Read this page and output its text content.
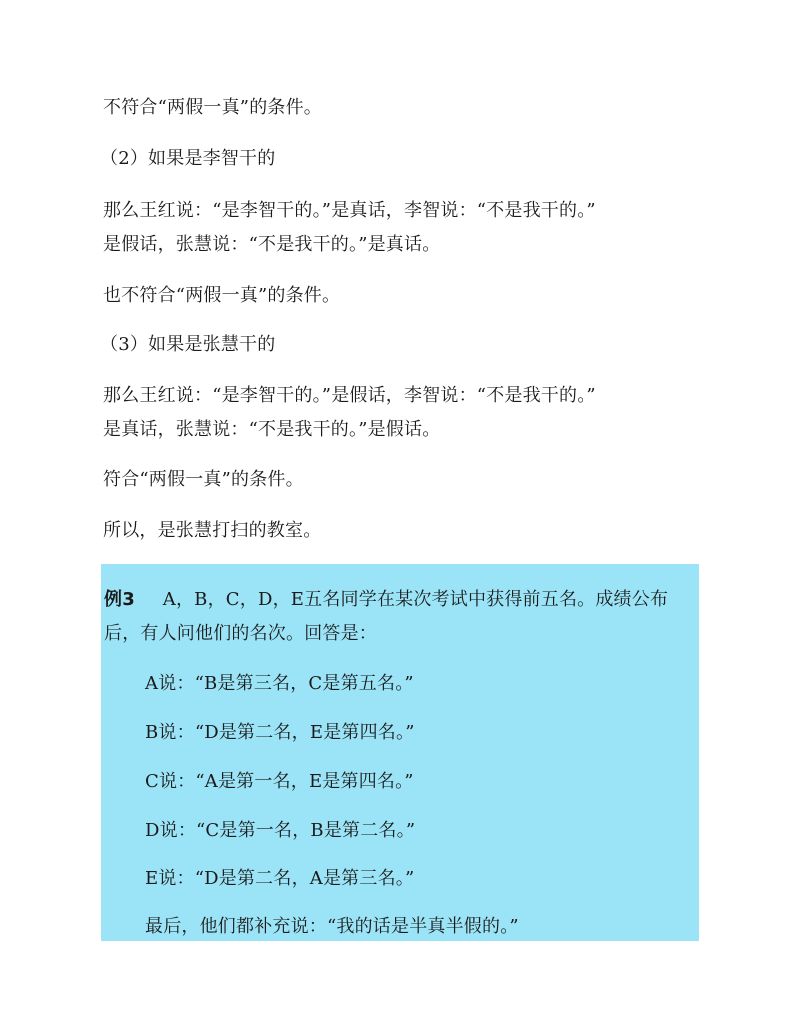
不符合“两假一真”的条件。
（2）如果是李智干的
那么王红说：“是李智干的。”是真话，李智说：“不是我干的。”
是假话，张慧说：“不是我干的。”是真话。
也不符合“两假一真”的条件。
（3）如果是张慧干的
那么王红说：“是李智干的。”是假话，李智说：“不是我干的。”
是真话，张慧说：“不是我干的。”是假话。
符合“两假一真”的条件。
所以，是张慧打扫的教室。
例3 A，B，C，D，E五名同学在某次考试中获得前五名。成绩公布
后，有人问他们的名次。回答是：
A说：“B是第三名，C是第五名。”
B说：“D是第二名，E是第四名。”
C说：“A是第一名，E是第四名。”
D说：“C是第一名，B是第二名。”
E说：“D是第二名，A是第三名。”
最后，他们都补充说：“我的话是半真半假的。”
